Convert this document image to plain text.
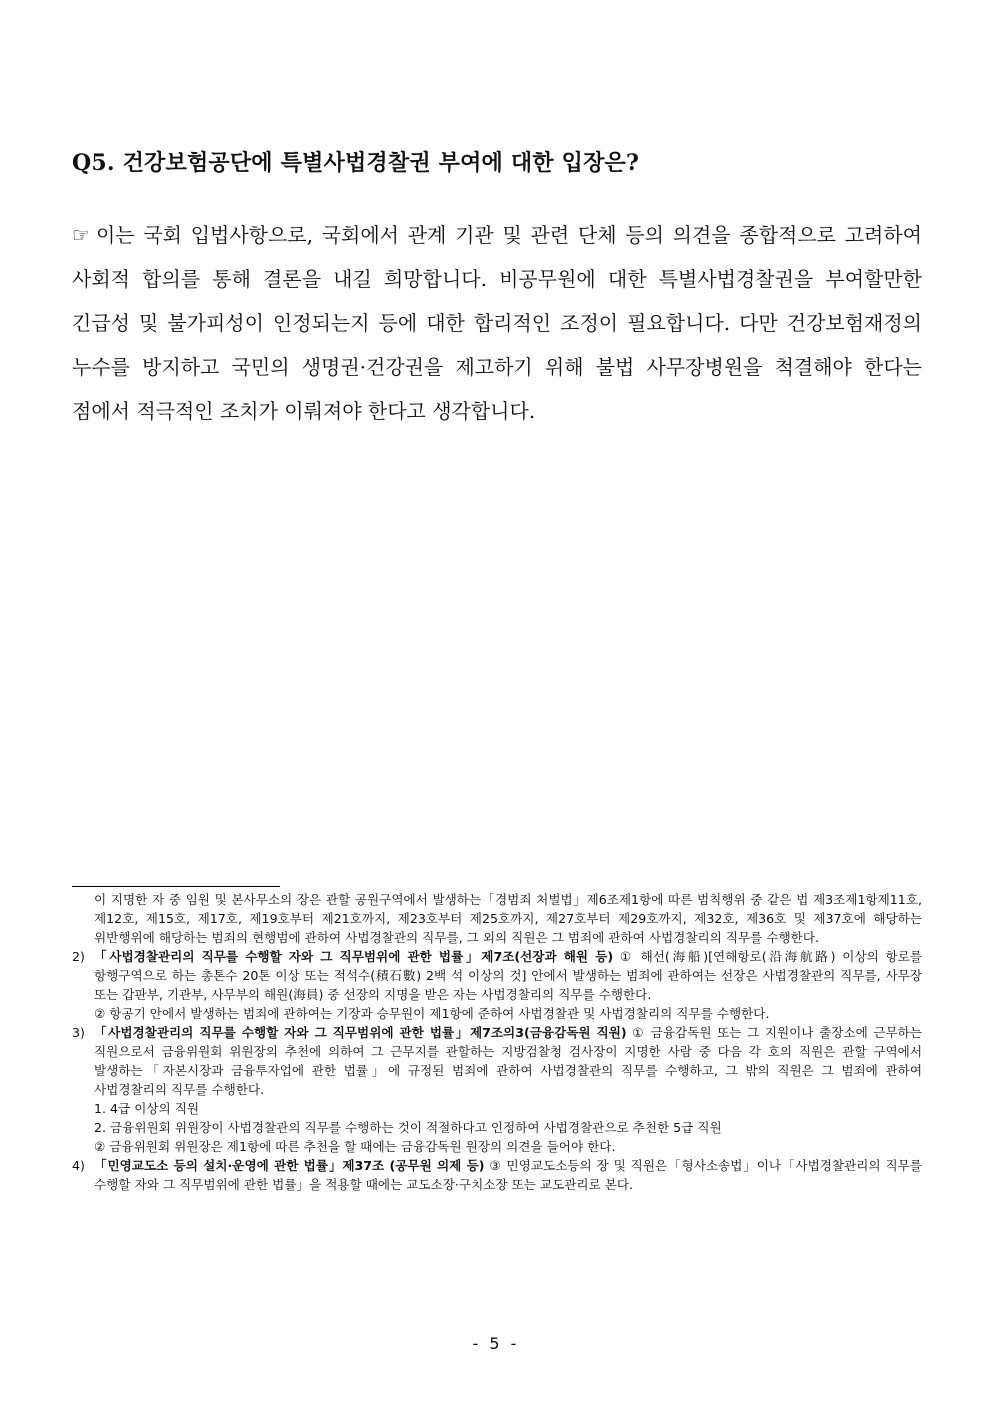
Q5. 건강보험공단에 특별사법경찰권 부여에 대한 입장은?
☞ 이는 국회 입법사항으로, 국회에서 관계 기관 및 관련 단체 등의 의견을 종합적으로 고려하여 사회적 합의를 통해 결론을 내길 희망합니다. 비공무원에 대한 특별사법경찰권을 부여할만한 긴급성 및 불가피성이 인정되는지 등에 대한 합리적인 조정이 필요합니다. 다만 건강보험재정의 누수를 방지하고 국민의 생명권·건강권을 제고하기 위해 불법 사무장병원을 척결해야 한다는 점에서 적극적인 조치가 이뤄져야 한다고 생각합니다.

이 지명한 자 중 임원 및 본사무소의 장은 관할 공원구역에서 발생하는「경범죄 처벌법」제6조제1항에 따른 범칙행위 중 같은 법 제3조제1항제11호, 제12호, 제15호, 제17호, 제19호부터 제21호까지, 제23호부터 제25호까지, 제27호부터 제29호까지, 제32호, 제36호 및 제37호에 해당하는 위반행위에 해당하는 범죄의 현행범에 관하여 사법경찰관의 직무를, 그 외의 직원은 그 범죄에 관하여 사법경찰리의 직무를 수행한다.

2) 「사법경찰관리의 직무를 수행할 자와 그 직무범위에 관한 법률」제7조(선장과 해원 등) ① 해선(海船)[연해항로(沿海航路) 이상의 항로를 항행구역으로 하는 총톤수 20톤 이상 또는 적석수(積石數) 2백 석 이상의 것] 안에서 발생하는 범죄에 관하여는 선장은 사법경찰관의 직무를, 사무장 또는 갑판부, 기관부, 사무부의 해원(海員) 중 선장의 지명을 받은 자는 사법경찰리의 직무를 수행한다.

② 항공기 안에서 발생하는 범죄에 관하여는 기장과 승무원이 제1항에 준하여 사법경찰관 및 사법경찰리의 직무를 수행한다.

3) 「사법경찰관리의 직무를 수행할 자와 그 직무범위에 관한 법률」제7조의3(금융감독원 직원) ① 금융감독원 또는 그 지원이나 출장소에 근무하는 직원으로서 금융위원회 위원장의 추천에 의하여 그 근무지를 관할하는 지방검찰청 검사장이 지명한 사람 중 다음 각 호의 직원은 관할 구역에서 발생하는「자본시장과 금융투자업에 관한 법률」에 규정된 범죄에 관하여 사법경찰관의 직무를 수행하고, 그 밖의 직원은 그 범죄에 관하여 사법경찰리의 직무를 수행한다.

1. 4급 이상의 직원

2. 금융위원회 위원장이 사법경찰관의 직무를 수행하는 것이 적절하다고 인정하여 사법경찰관으로 추천한 5급 직원

② 금융위원회 위원장은 제1항에 따른 추천을 할 때에는 금융감독원 원장의 의견을 들어야 한다.

4) 「민영교도소 등의 설치·운영에 관한 법률」제37조 (공무원 의제 등) ③ 민영교도소등의 장 및 직원은「형사소송법」이나「사법경찰관리의 직무를 수행할 자와 그 직무범위에 관한 법률」을 적용할 때에는 교도소장·구치소장 또는 교도관리로 본다.

- 5 -
